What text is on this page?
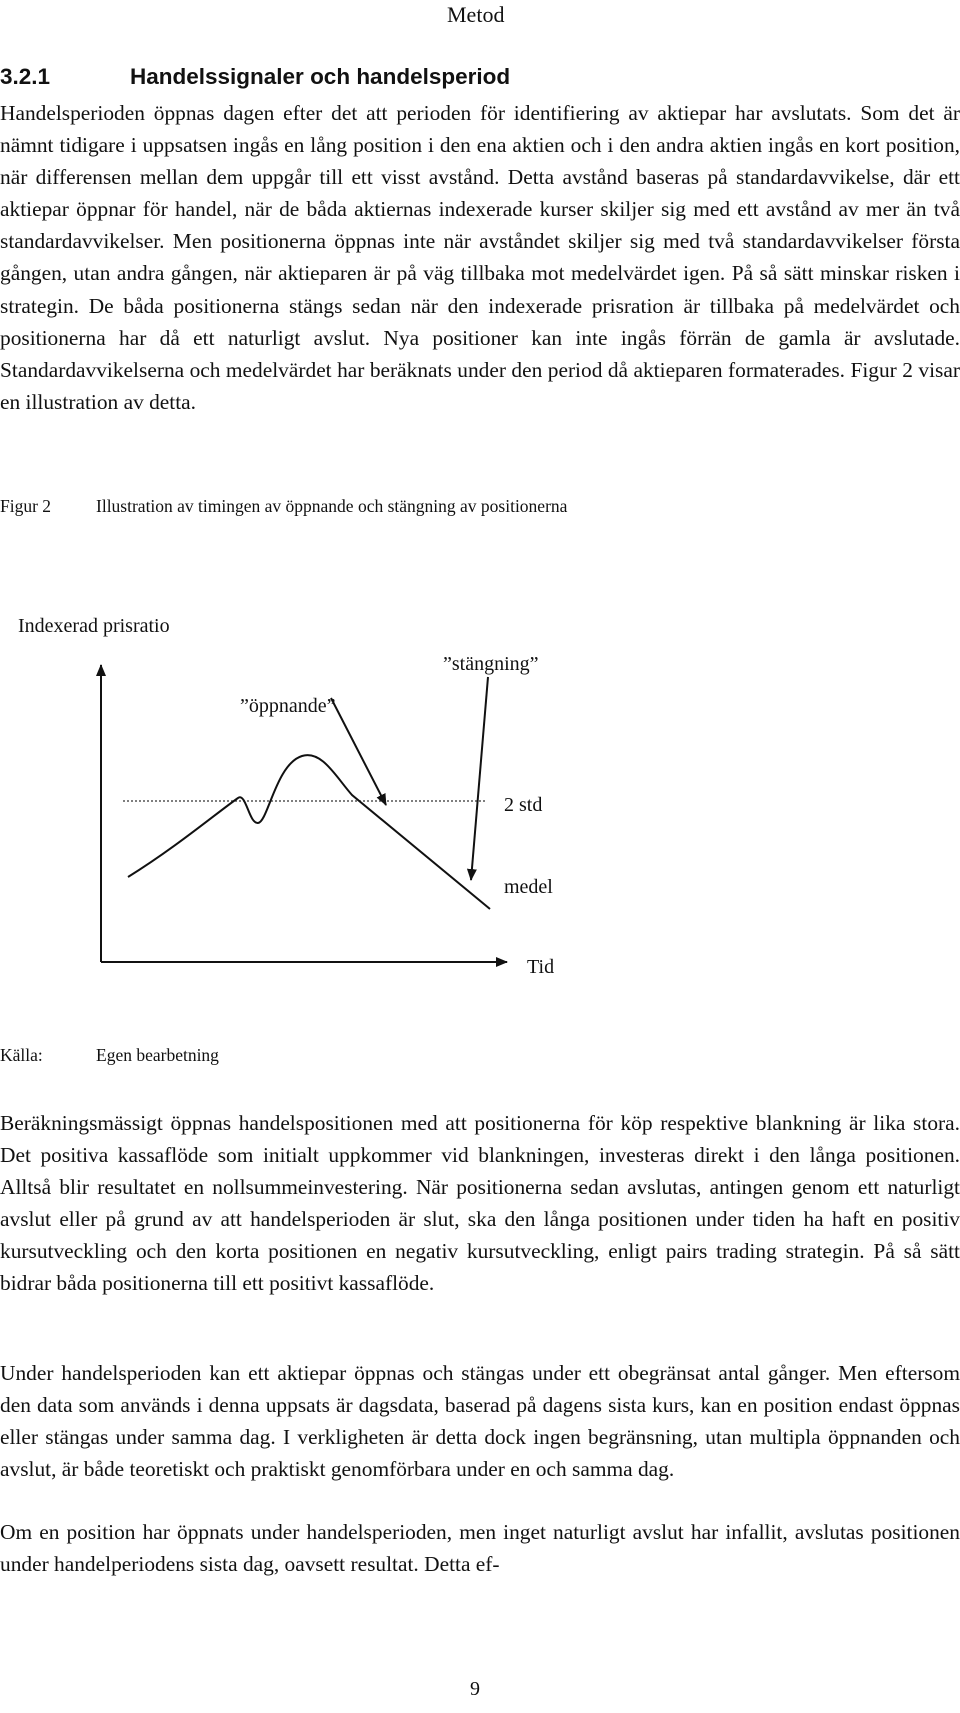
Metod
3.2.1	Handelssignaler och handelsperiod

Handelsperioden öppnas dagen efter det att perioden för identifiering av aktiepar har avslutats. Som det är nämnt tidigare i uppsatsen ingås en lång position i den ena aktien och i den andra aktien ingås en kort position, när differensen mellan dem uppgår till ett visst avstånd. Detta avstånd baseras på standardavvikelse, där ett aktiepar öppnar för handel, när de båda aktiernas indexerade kurser skiljer sig med ett avstånd av mer än två standardavvikelser. Men positionerna öppnas inte när avståndet skiljer sig med två standardavvikelser första gången, utan andra gången, när aktieparen är på väg tillbaka mot medelvärdet igen. På så sätt minskar risken i strategin. De båda positionerna stängs sedan när den indexerade prisration är tillbaka på medelvärdet och positionerna har då ett naturligt avslut. Nya positioner kan inte ingås förrän de gamla är avslutade. Standardavvikelserna och medelvärdet har beräknats under den period då aktieparen formaterades. Figur 2 visar en illustration av detta.

Figur 2	Illustration av timingen av öppnande och stängning av positionerna
Indexerad prisratio
”stängning”
”öppnande”
2 std
medel
Tid
Källa:	Egen bearbetning

Beräkningsmässigt öppnas handelspositionen med att positionerna för köp respektive blankning är lika stora. Det positiva kassaflöde som initialt uppkommer vid blankningen, investeras direkt i den långa positionen. Alltså blir resultatet en nollsummeinvestering. När positionerna sedan avslutas, antingen genom ett naturligt avslut eller på grund av att handelsperioden är slut, ska den långa positionen under tiden ha haft en positiv kursutveckling och den korta positionen en negativ kursutveckling, enligt pairs trading strategin. På så sätt bidrar båda positionerna till ett positivt kassaflöde.

Under handelsperioden kan ett aktiepar öppnas och stängas under ett obegränsat antal gånger. Men eftersom den data som används i denna uppsats är dagsdata, baserad på dagens sista kurs, kan en position endast öppnas eller stängas under samma dag. I verkligheten är detta dock ingen begränsning, utan multipla öppnanden och avslut, är både teoretiskt och praktiskt genomförbara under en och samma dag.

Om en position har öppnats under handelsperioden, men inget naturligt avslut har infallit, avslutas positionen under handelperiodens sista dag, oavsett resultat. Detta ef-

9
